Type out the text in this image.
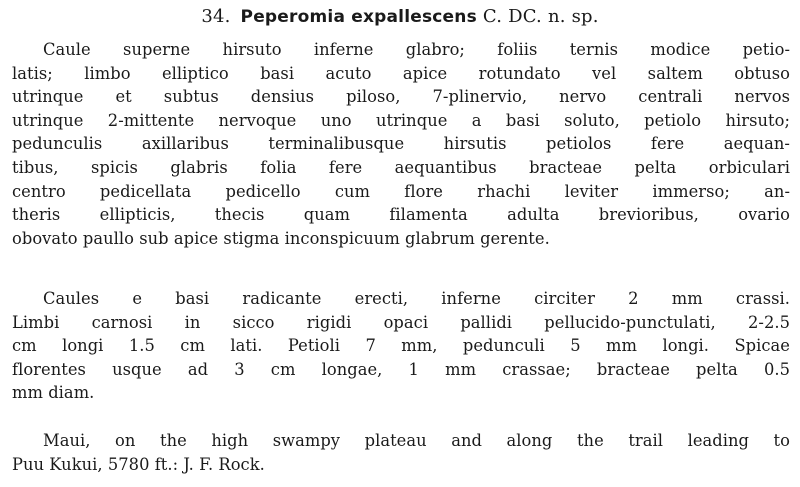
34. Peperomia expallescens C. DC. n. sp.
Caule superne hirsuto inferne glabro; foliis ternis modice petio-
latis; limbo elliptico basi acuto apice rotundato vel saltem obtuso
utrinque et subtus densius piloso, 7-plinervio, nervo centrali nervos
utrinque 2-mittente nervoque uno utrinque a basi soluto, petiolo hirsuto;
pedunculis axillaribus terminalibusque hirsutis petiolos fere aequan-
tibus, spicis glabris folia fere aequantibus bracteae pelta orbiculari
centro pedicellata pedicello cum flore rhachi leviter immerso; an-
theris ellipticis, thecis quam filamenta adulta brevioribus, ovario
obovato paullo sub apice stigma inconspicuum glabrum gerente.
Caules e basi radicante erecti, inferne circiter 2 mm crassi.
Limbi carnosi in sicco rigidi opaci pallidi pellucido-punctulati, 2-2.5
cm longi 1.5 cm lati. Petioli 7 mm, pedunculi 5 mm longi. Spicae
florentes usque ad 3 cm longae, 1 mm crassae; bracteae pelta 0.5
mm diam.
Maui, on the high swampy plateau and along the trail leading to
Puu Kukui, 5780 ft.: J. F. Rock.
